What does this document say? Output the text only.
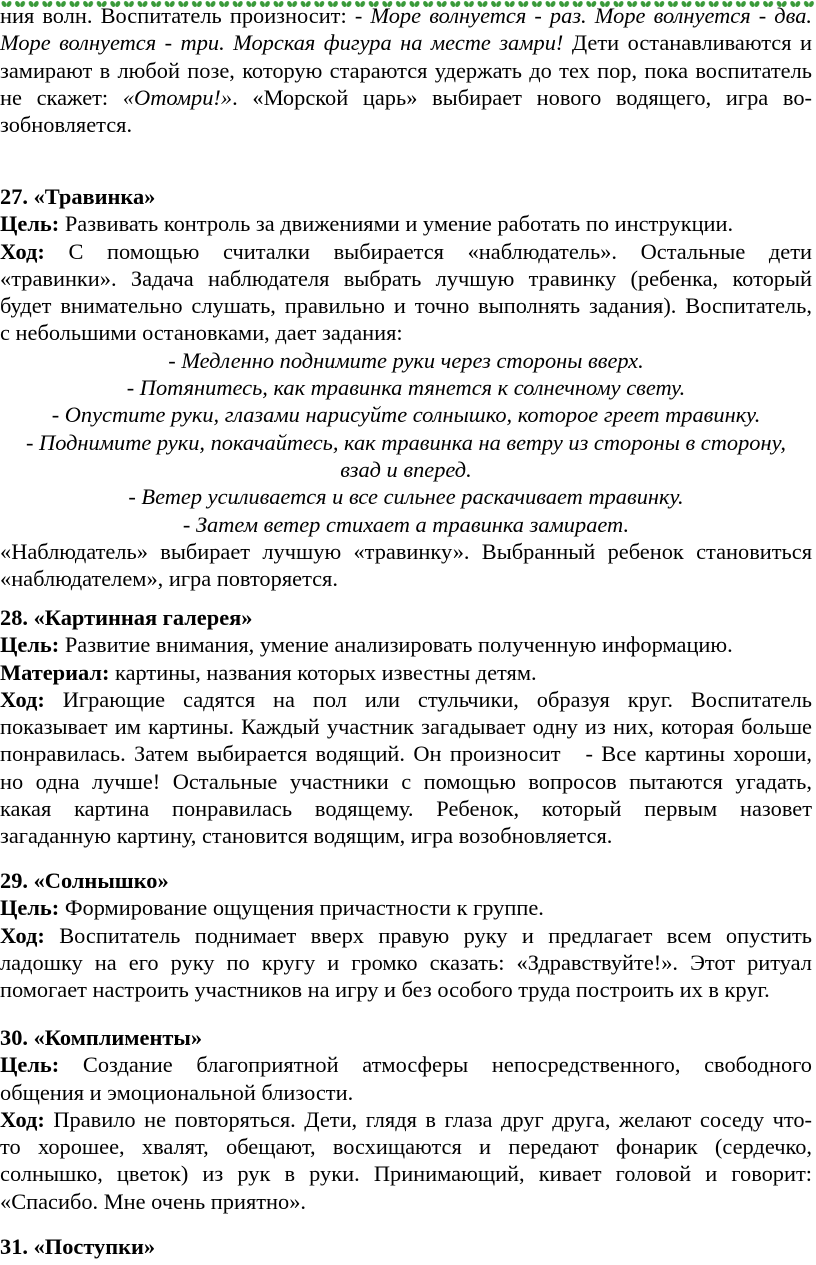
ния волн. Воспитатель произносит: - Море волнуется - раз. Море волнуется - два.
Море волнуется - три. Морская фигура на месте замри! Дети останавливаются и
замирают в любой позе, которую стараются удержать до тех пор, пока воспитатель
не скажет: «Отомри!». «Морской царь» выбирает нового водящего, игра во-
зобновляется.
27. «Травинка»
Цель: Развивать контроль за движениями и умение работать по инструкции.
Ход: С помощью считалки выбирается «наблюдатель». Остальные дети
«травинки». Задача наблюдателя выбрать лучшую травинку (ребенка, который
будет внимательно слушать, правильно и точно выполнять задания). Воспитатель,
с небольшими остановками, дает задания:
- Медленно поднимите руки через стороны вверх.
- Потянитесь, как травинка тянется к солнечному свету.
- Опустите руки, глазами нарисуйте солнышко, которое греет травинку.
- Поднимите руки, покачайтесь, как травинка на ветру из стороны в сторону,
взад и вперед.
- Ветер усиливается и все сильнее раскачивает травинку.
- Затем ветер стихает а травинка замирает.
«Наблюдатель» выбирает лучшую «травинку». Выбранный ребенок становиться
«наблюдателем», игра повторяется.
28. «Картинная галерея»
Цель: Развитие внимания, умение анализировать полученную информацию.
Материал: картины, названия которых известны детям.
Ход: Играющие садятся на пол или стульчики, образуя круг. Воспитатель
показывает им картины. Каждый участник загадывает одну из них, которая больше
понравилась. Затем выбирается водящий. Он произносит   - Все картины хороши,
но одна лучше! Остальные участники с помощью вопросов пытаются угадать,
какая картина понравилась водящему. Ребенок, который первым назовет
загаданную картину, становится водящим, игра возобновляется.
29. «Солнышко»
Цель: Формирование ощущения причастности к группе.
Ход: Воспитатель поднимает вверх правую руку и предлагает всем опустить
ладошку на его руку по кругу и громко сказать: «Здравствуйте!». Этот ритуал
помогает настроить участников на игру и без особого труда построить их в круг.
30. «Комплименты»
Цель: Создание благоприятной атмосферы непосредственного, свободного
общения и эмоциональной близости.
Ход: Правило не повторяться. Дети, глядя в глаза друг друга, желают соседу что-
то хорошее, хвалят, обещают, восхищаются и передают фонарик (сердечко,
солнышко, цветок) из рук в руки. Принимающий, кивает головой и говорит:
«Спасибо. Мне очень приятно».
31. «Поступки»
